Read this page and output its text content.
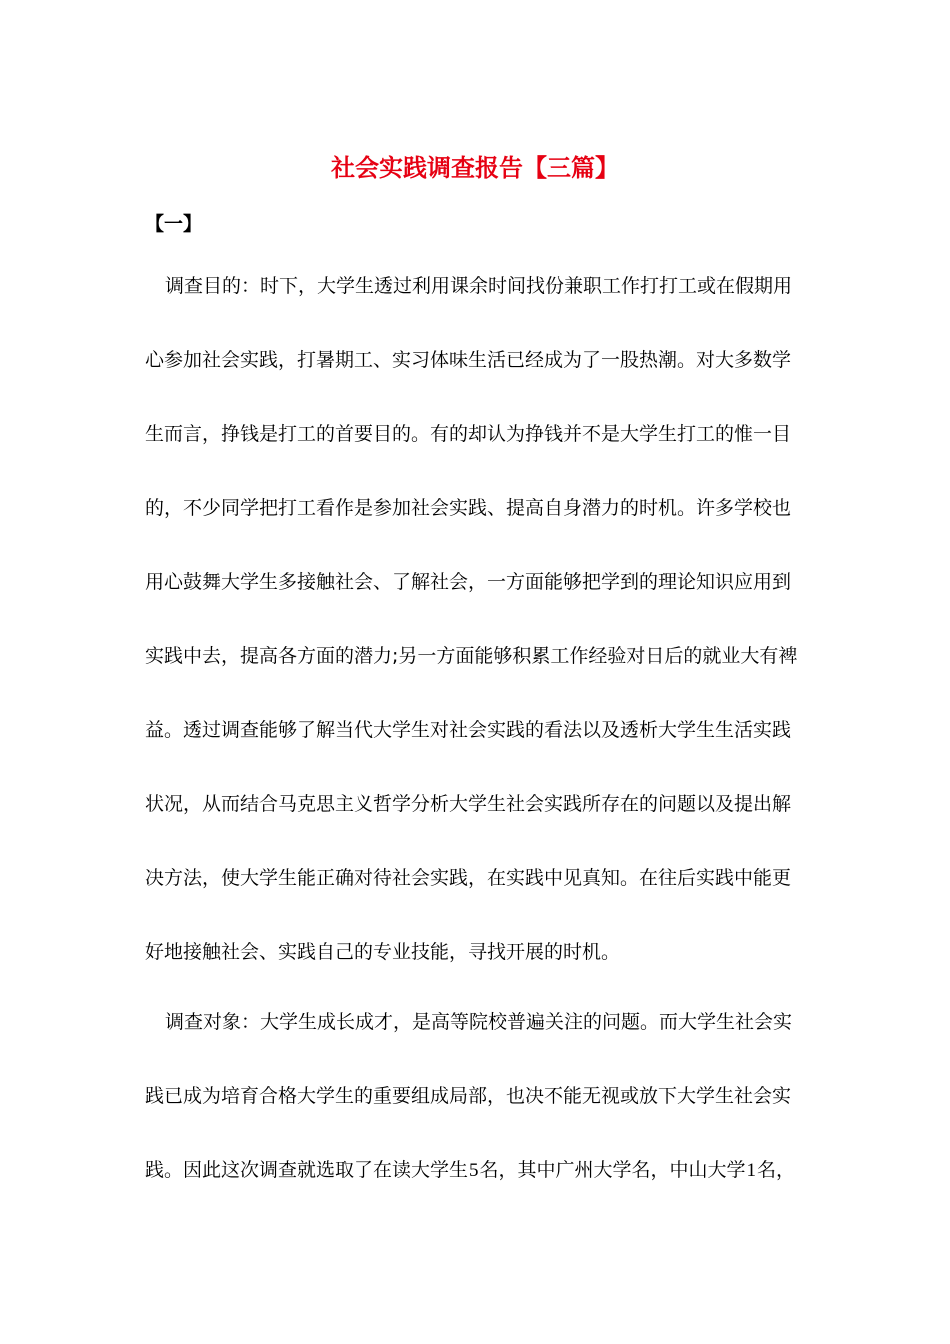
社会实践调查报告【三篇】
【一】
调查目的：时下，大学生透过利用课余时间找份兼职工作打打工或在假期用
心参加社会实践，打暑期工、实习体味生活已经成为了一股热潮。对大多数学
生而言，挣钱是打工的首要目的。有的却认为挣钱并不是大学生打工的惟一目
的，不少同学把打工看作是参加社会实践、提高自身潜力的时机。许多学校也
用心鼓舞大学生多接触社会、了解社会，一方面能够把学到的理论知识应用到
实践中去，提高各方面的潜力;另一方面能够积累工作经验对日后的就业大有裨
益。透过调查能够了解当代大学生对社会实践的看法以及透析大学生生活实践
状况，从而结合马克思主义哲学分析大学生社会实践所存在的问题以及提出解
决方法，使大学生能正确对待社会实践，在实践中见真知。在往后实践中能更
好地接触社会、实践自己的专业技能，寻找开展的时机。
调查对象：大学生成长成才，是高等院校普遍关注的问题。而大学生社会实
践已成为培育合格大学生的重要组成局部，也决不能无视或放下大学生社会实
践。因此这次调查就选取了在读大学生5名，其中广州大学名，中山大学1名，
